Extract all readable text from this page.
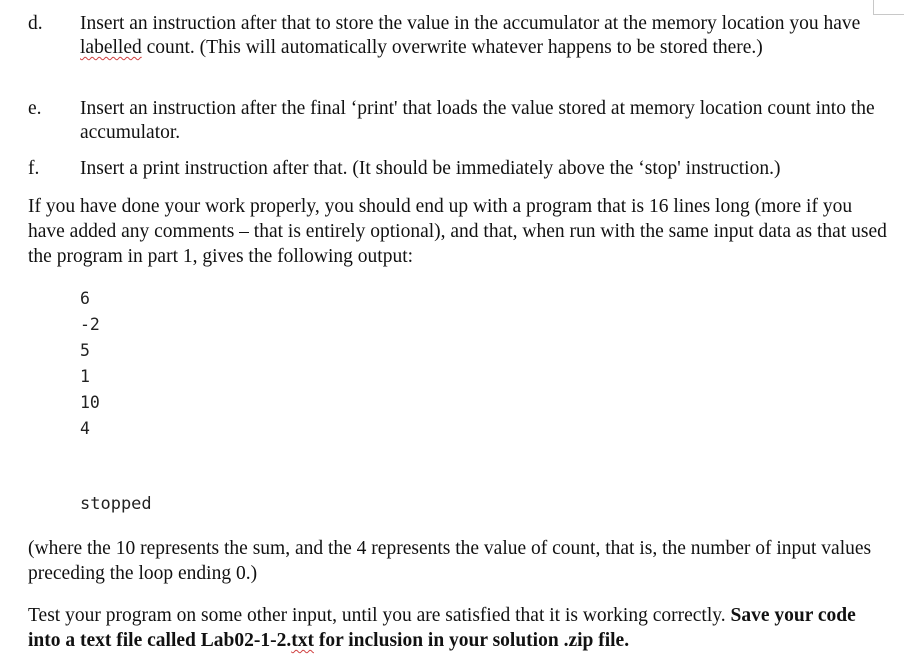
d.	Insert an instruction after that to store the value in the accumulator at the memory location you have labelled count. (This will automatically overwrite whatever happens to be stored there.)
e.	Insert an instruction after the final ‘print' that loads the value stored at memory location count into the accumulator.
f.	Insert a print instruction after that. (It should be immediately above the ‘stop' instruction.)
If you have done your work properly, you should end up with a program that is 16 lines long (more if you have added any comments – that is entirely optional), and that, when run with the same input data as that used the program in part 1, gives the following output:
6
-2
5
1
10
4
stopped
(where the 10 represents the sum, and the 4 represents the value of count, that is, the number of input values preceding the loop ending 0.)
Test your program on some other input, until you are satisfied that it is working correctly. Save your code into a text file called Lab02-1-2.txt for inclusion in your solution .zip file.
